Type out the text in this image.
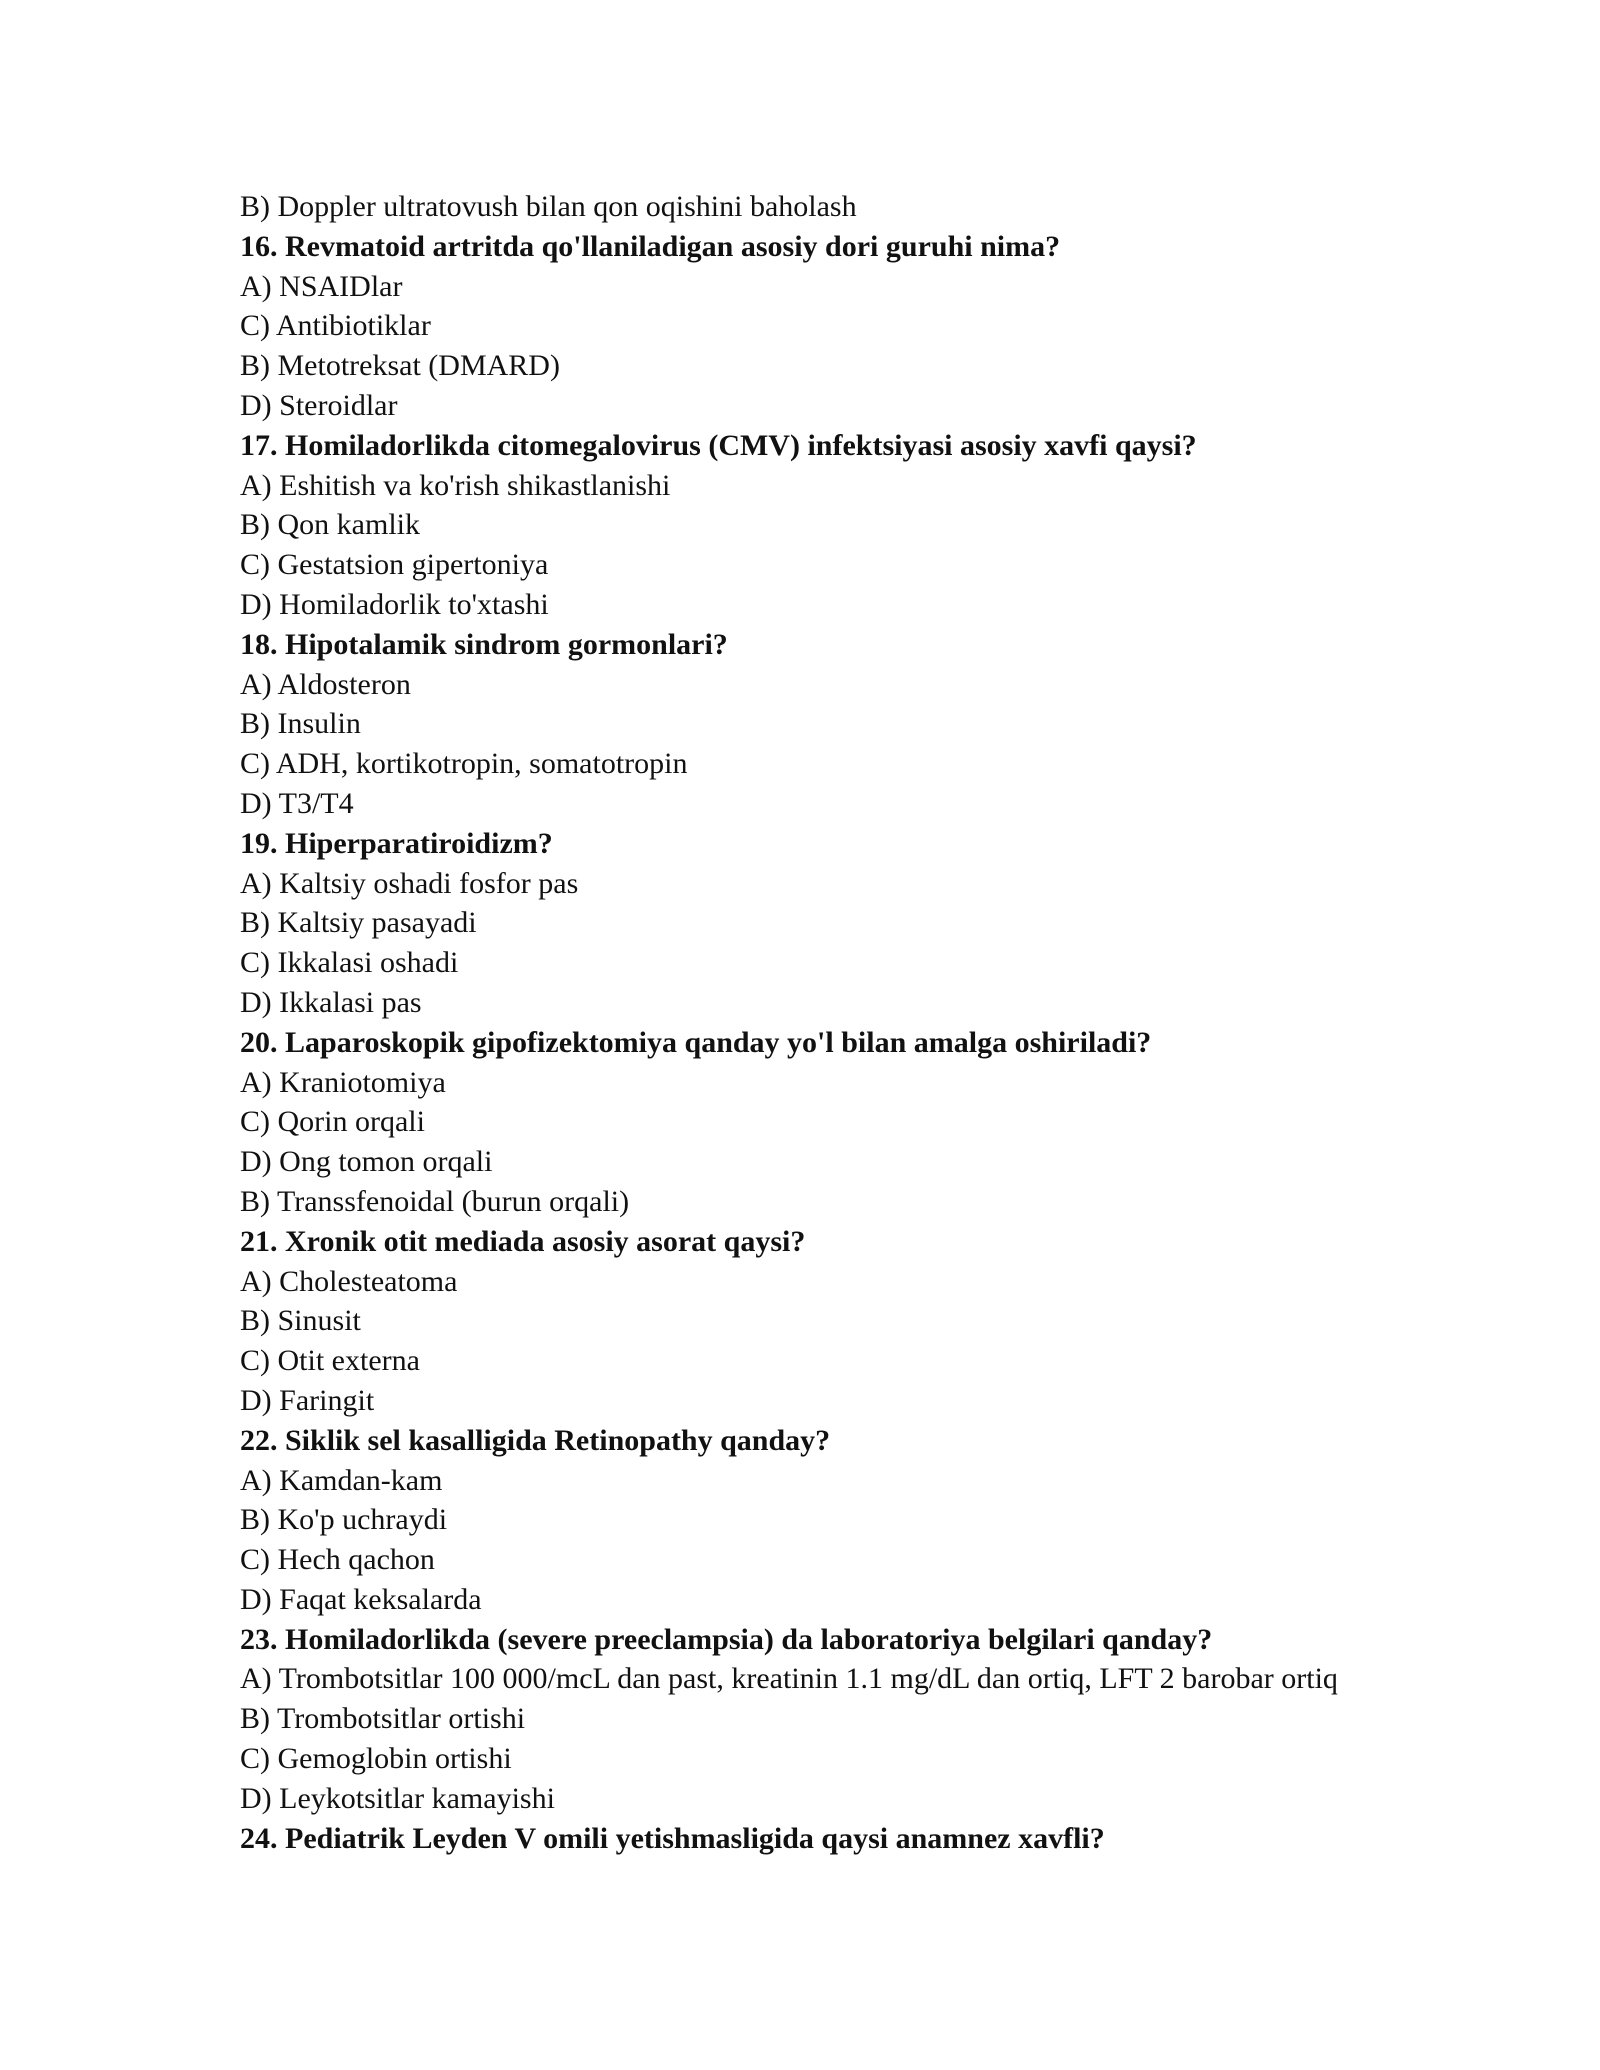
B) Doppler ultratovush bilan qon oqishini baholash
16. Revmatoid artritda qo'llaniladigan asosiy dori guruhi nima?
A) NSAIDlar
C) Antibiotiklar
B) Metotreksat (DMARD)
D) Steroidlar
17. Homiladorlikda citomegalovirus (CMV) infektsiyasi asosiy xavfi qaysi?
A) Eshitish va ko'rish shikastlanishi
B) Qon kamlik
C) Gestatsion gipertoniya
D) Homiladorlik to'xtashi
18. Hipotalamik sindrom gormonlari?
A) Aldosteron
B) Insulin
C) ADH, kortikotropin, somatotropin
D) T3/T4
19. Hiperparatiroidizm?
A) Kaltsiy oshadi fosfor pas
B) Kaltsiy pasayadi
C) Ikkalasi oshadi
D) Ikkalasi pas
20. Laparoskopik gipofizektomiya qanday yo'l bilan amalga oshiriladi?
A) Kraniotomiya
C) Qorin orqali
D) Ong tomon orqali
B) Transsfenoidal (burun orqali)
21. Xronik otit mediada asosiy asorat qaysi?
A) Cholesteatoma
B) Sinusit
C) Otit externa
D) Faringit
22. Siklik sel kasalligida Retinopathy qanday?
A) Kamdan-kam
B) Ko'p uchraydi
C) Hech qachon
D) Faqat keksalarda
23. Homiladorlikda (severe preeclampsia) da laboratoriya belgilari qanday?
A) Trombotsitlar 100 000/mcL dan past, kreatinin 1.1 mg/dL dan ortiq, LFT 2 barobar ortiq
B) Trombotsitlar ortishi
C) Gemoglobin ortishi
D) Leykotsitlar kamayishi
24. Pediatrik Leyden V omili yetishmasligida qaysi anamnez xavfli?
